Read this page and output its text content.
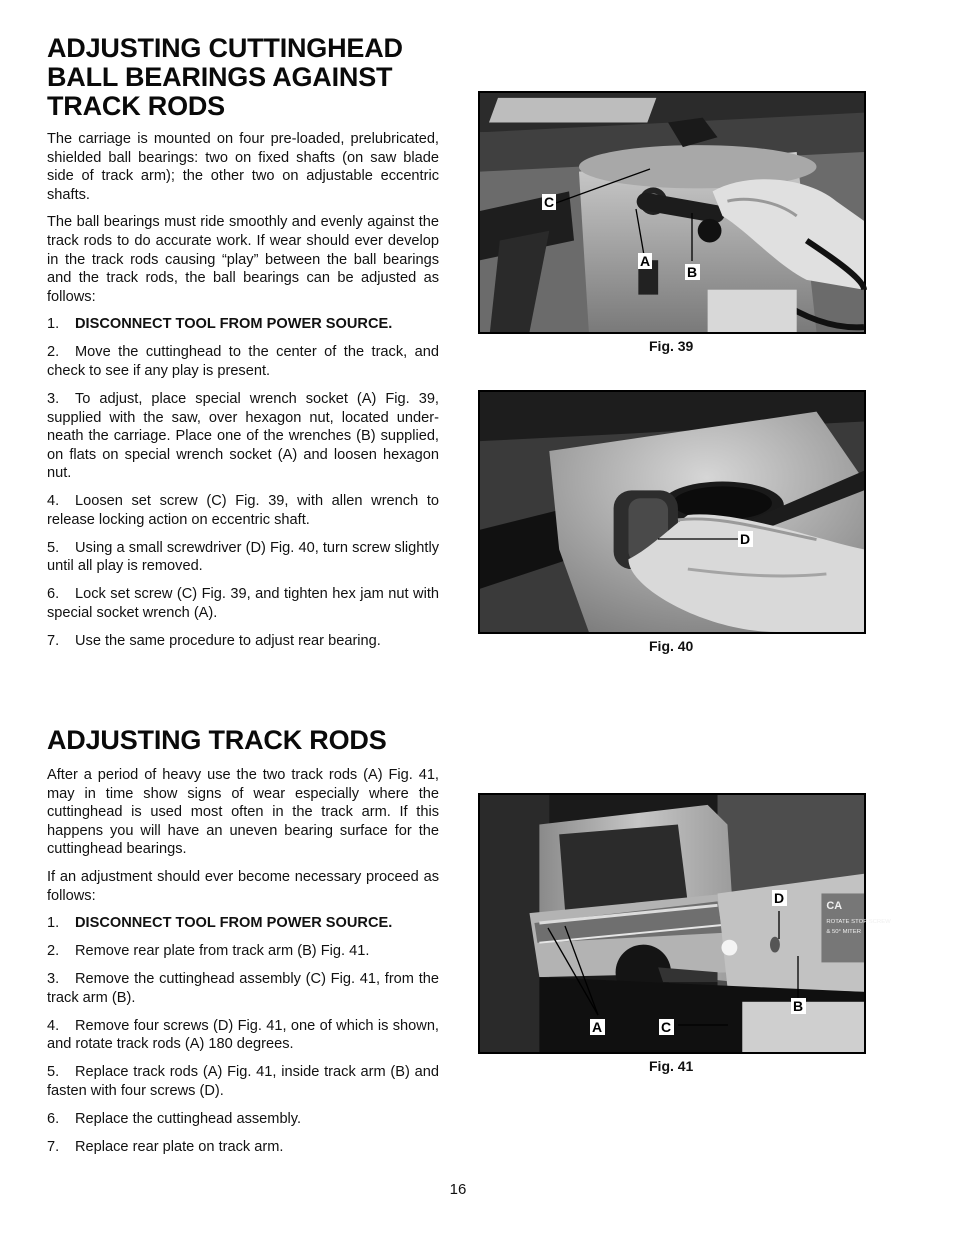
ADJUSTING CUTTINGHEAD
BALL BEARINGS AGAINST
TRACK RODS

The carriage is mounted on four pre-loaded, prelubricated, shielded ball bearings: two on fixed shafts (on saw blade side of track arm); the other two on adjustable eccentric shafts.

The ball bearings must ride smoothly and evenly against the track rods to do accurate work. If wear should ever develop in the track rods causing “play” between the ball bearings and the track rods, the ball bearings can be adjusted as follows:

1. DISCONNECT TOOL FROM POWER SOURCE.
2. Move the cuttinghead to the center of the track, and check to see if any play is present.
3. To adjust, place special wrench socket (A) Fig. 39, supplied with the saw, over hexagon nut, located under-neath the carriage. Place one of the wrenches (B) supplied, on flats on special wrench socket (A) and loosen hexagon nut.
4. Loosen set screw (C) Fig. 39, with allen wrench to release locking action on eccentric shaft.
5. Using a small screwdriver (D) Fig. 40, turn screw slightly until all play is removed.
6. Lock set screw (C) Fig. 39, and tighten hex jam nut with special socket wrench (A).
7. Use the same procedure to adjust rear bearing.
ADJUSTING TRACK RODS

After a period of heavy use the two track rods (A) Fig. 41, may in time show signs of wear especially where the cuttinghead is used most often in the track arm. If this happens you will have an uneven bearing surface for the cuttinghead bearings.

If an adjustment should ever become necessary proceed as follows:

1. DISCONNECT TOOL FROM POWER SOURCE.
2. Remove rear plate from track arm (B) Fig. 41.
3. Remove the cuttinghead assembly (C) Fig. 41, from the track arm (B).
4. Remove four screws (D) Fig. 41, one of which is shown, and rotate track rods (A) 180 degrees.
5. Replace track rods (A) Fig. 41, inside track arm (B) and fasten with four screws (D).
6. Replace the cuttinghead assembly.
7. Replace rear plate on track arm.
C
A
B
Fig. 39
D
Fig. 40
CA
ROTATE STOP SCREW
& 50° MITER
D
B
A	C
Fig. 41
16
